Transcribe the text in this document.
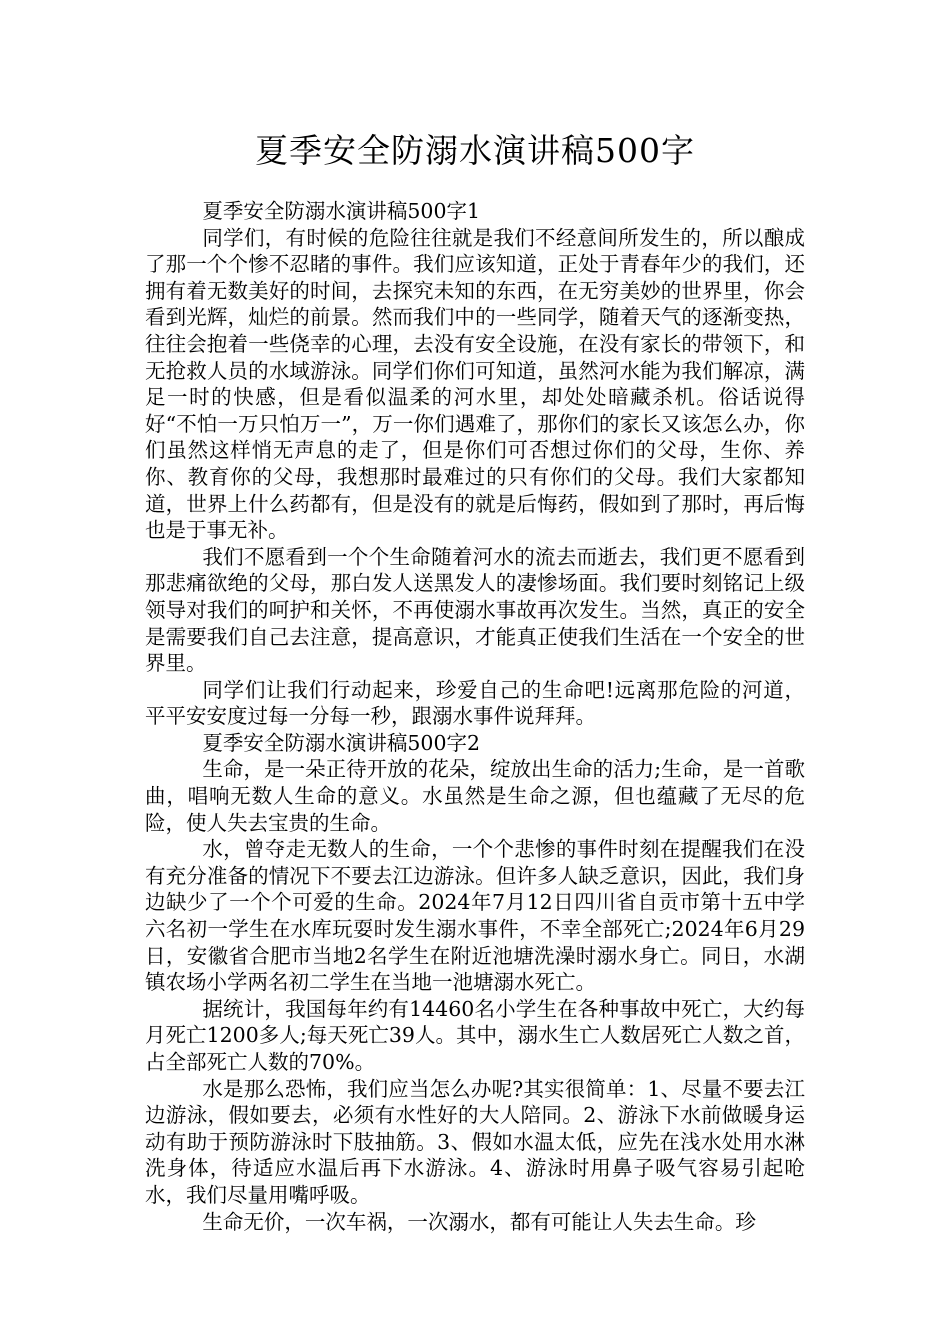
夏季安全防溺水演讲稿500字

夏季安全防溺水演讲稿500字1

同学们，有时候的危险往往就是我们不经意间所发生的，所以酿成了那一个个惨不忍睹的事件。我们应该知道，正处于青春年少的我们，还拥有着无数美好的时间，去探究未知的东西，在无穷美妙的世界里，你会看到光辉，灿烂的前景。然而我们中的一些同学，随着天气的逐渐变热，往往会抱着一些侥幸的心理，去没有安全设施，在没有家长的带领下，和无抢救人员的水域游泳。同学们你们可知道，虽然河水能为我们解凉，满足一时的快感，但是看似温柔的河水里，却处处暗藏杀机。俗话说得好“不怕一万只怕万一”，万一你们遇难了，那你们的家长又该怎么办，你们虽然这样悄无声息的走了，但是你们可否想过你们的父母，生你、养你、教育你的父母，我想那时最难过的只有你们的父母。我们大家都知道，世界上什么药都有，但是没有的就是后悔药，假如到了那时，再后悔也是于事无补。

我们不愿看到一个个生命随着河水的流去而逝去，我们更不愿看到那悲痛欲绝的父母，那白发人送黑发人的凄惨场面。我们要时刻铭记上级领导对我们的呵护和关怀，不再使溺水事故再次发生。当然，真正的安全是需要我们自己去注意，提高意识，才能真正使我们生活在一个安全的世界里。

同学们让我们行动起来，珍爱自己的生命吧!远离那危险的河道，平平安安度过每一分每一秒，跟溺水事件说拜拜。

夏季安全防溺水演讲稿500字2

生命，是一朵正待开放的花朵，绽放出生命的活力;生命，是一首歌曲，唱响无数人生命的意义。水虽然是生命之源，但也蕴藏了无尽的危险，使人失去宝贵的生命。

水，曾夺走无数人的生命，一个个悲惨的事件时刻在提醒我们在没有充分准备的情况下不要去江边游泳。但许多人缺乏意识，因此，我们身边缺少了一个个可爱的生命。2024年7月12日四川省自贡市第十五中学六名初一学生在水库玩耍时发生溺水事件，不幸全部死亡;2024年6月29日，安徽省合肥市当地2名学生在附近池塘洗澡时溺水身亡。同日，水湖镇农场小学两名初二学生在当地一池塘溺水死亡。

据统计，我国每年约有14460名小学生在各种事故中死亡，大约每月死亡1200多人;每天死亡39人。其中，溺水生亡人数居死亡人数之首，占全部死亡人数的70%。

水是那么恐怖，我们应当怎么办呢?其实很简单：1、尽量不要去江边游泳，假如要去，必须有水性好的大人陪同。2、游泳下水前做暖身运动有助于预防游泳时下肢抽筋。3、假如水温太低，应先在浅水处用水淋洗身体，待适应水温后再下水游泳。4、游泳时用鼻子吸气容易引起呛水，我们尽量用嘴呼吸。

生命无价，一次车祸，一次溺水，都有可能让人失去生命。珍
